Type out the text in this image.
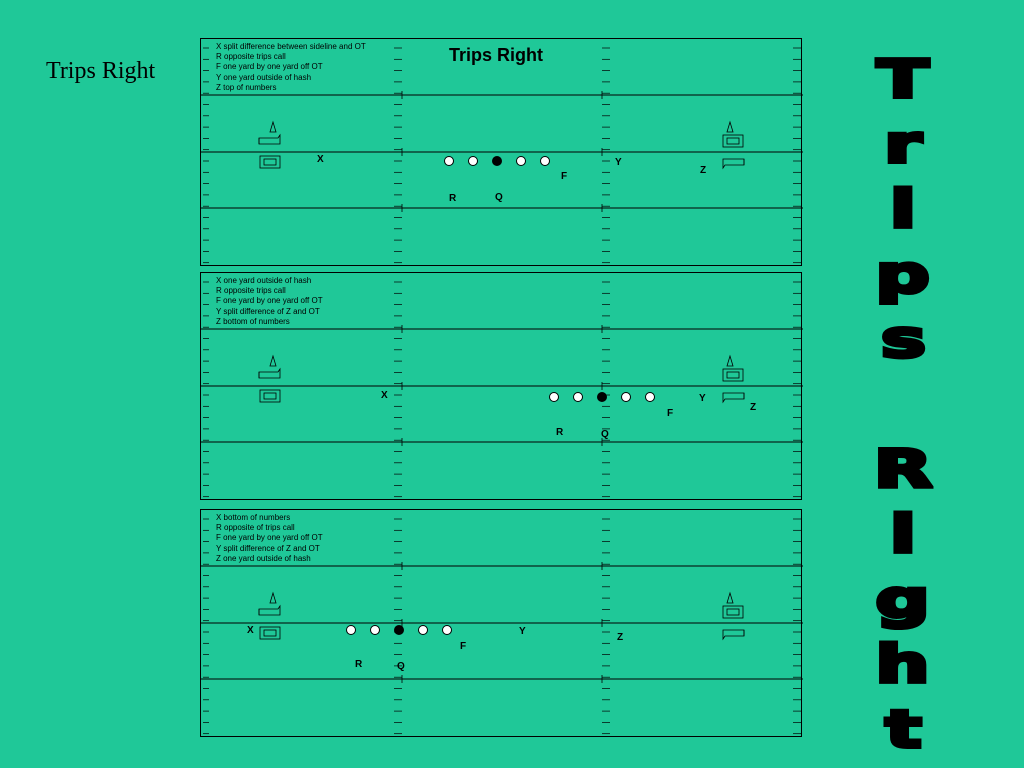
Trips Right	T
r
i
p
s
R
i
g
h
t
X split difference between sideline and OT
R opposite trips call
F one yard by one yard off OT
Y one yard outside of hash
Z top of numbers
Trips Right
X	Y
Z
F
R	Q
X one yard outside of hash
R opposite trips call
F one yard by one yard off OT
Y split difference of Z and OT
Z bottom of numbers
X	Y
Z
F
R	Q
X bottom of numbers
R opposite of trips call
F one yard by one yard off OT
Y split difference of Z and OT
Z one yard outside of hash
X	Y
Z
F
R	Q
